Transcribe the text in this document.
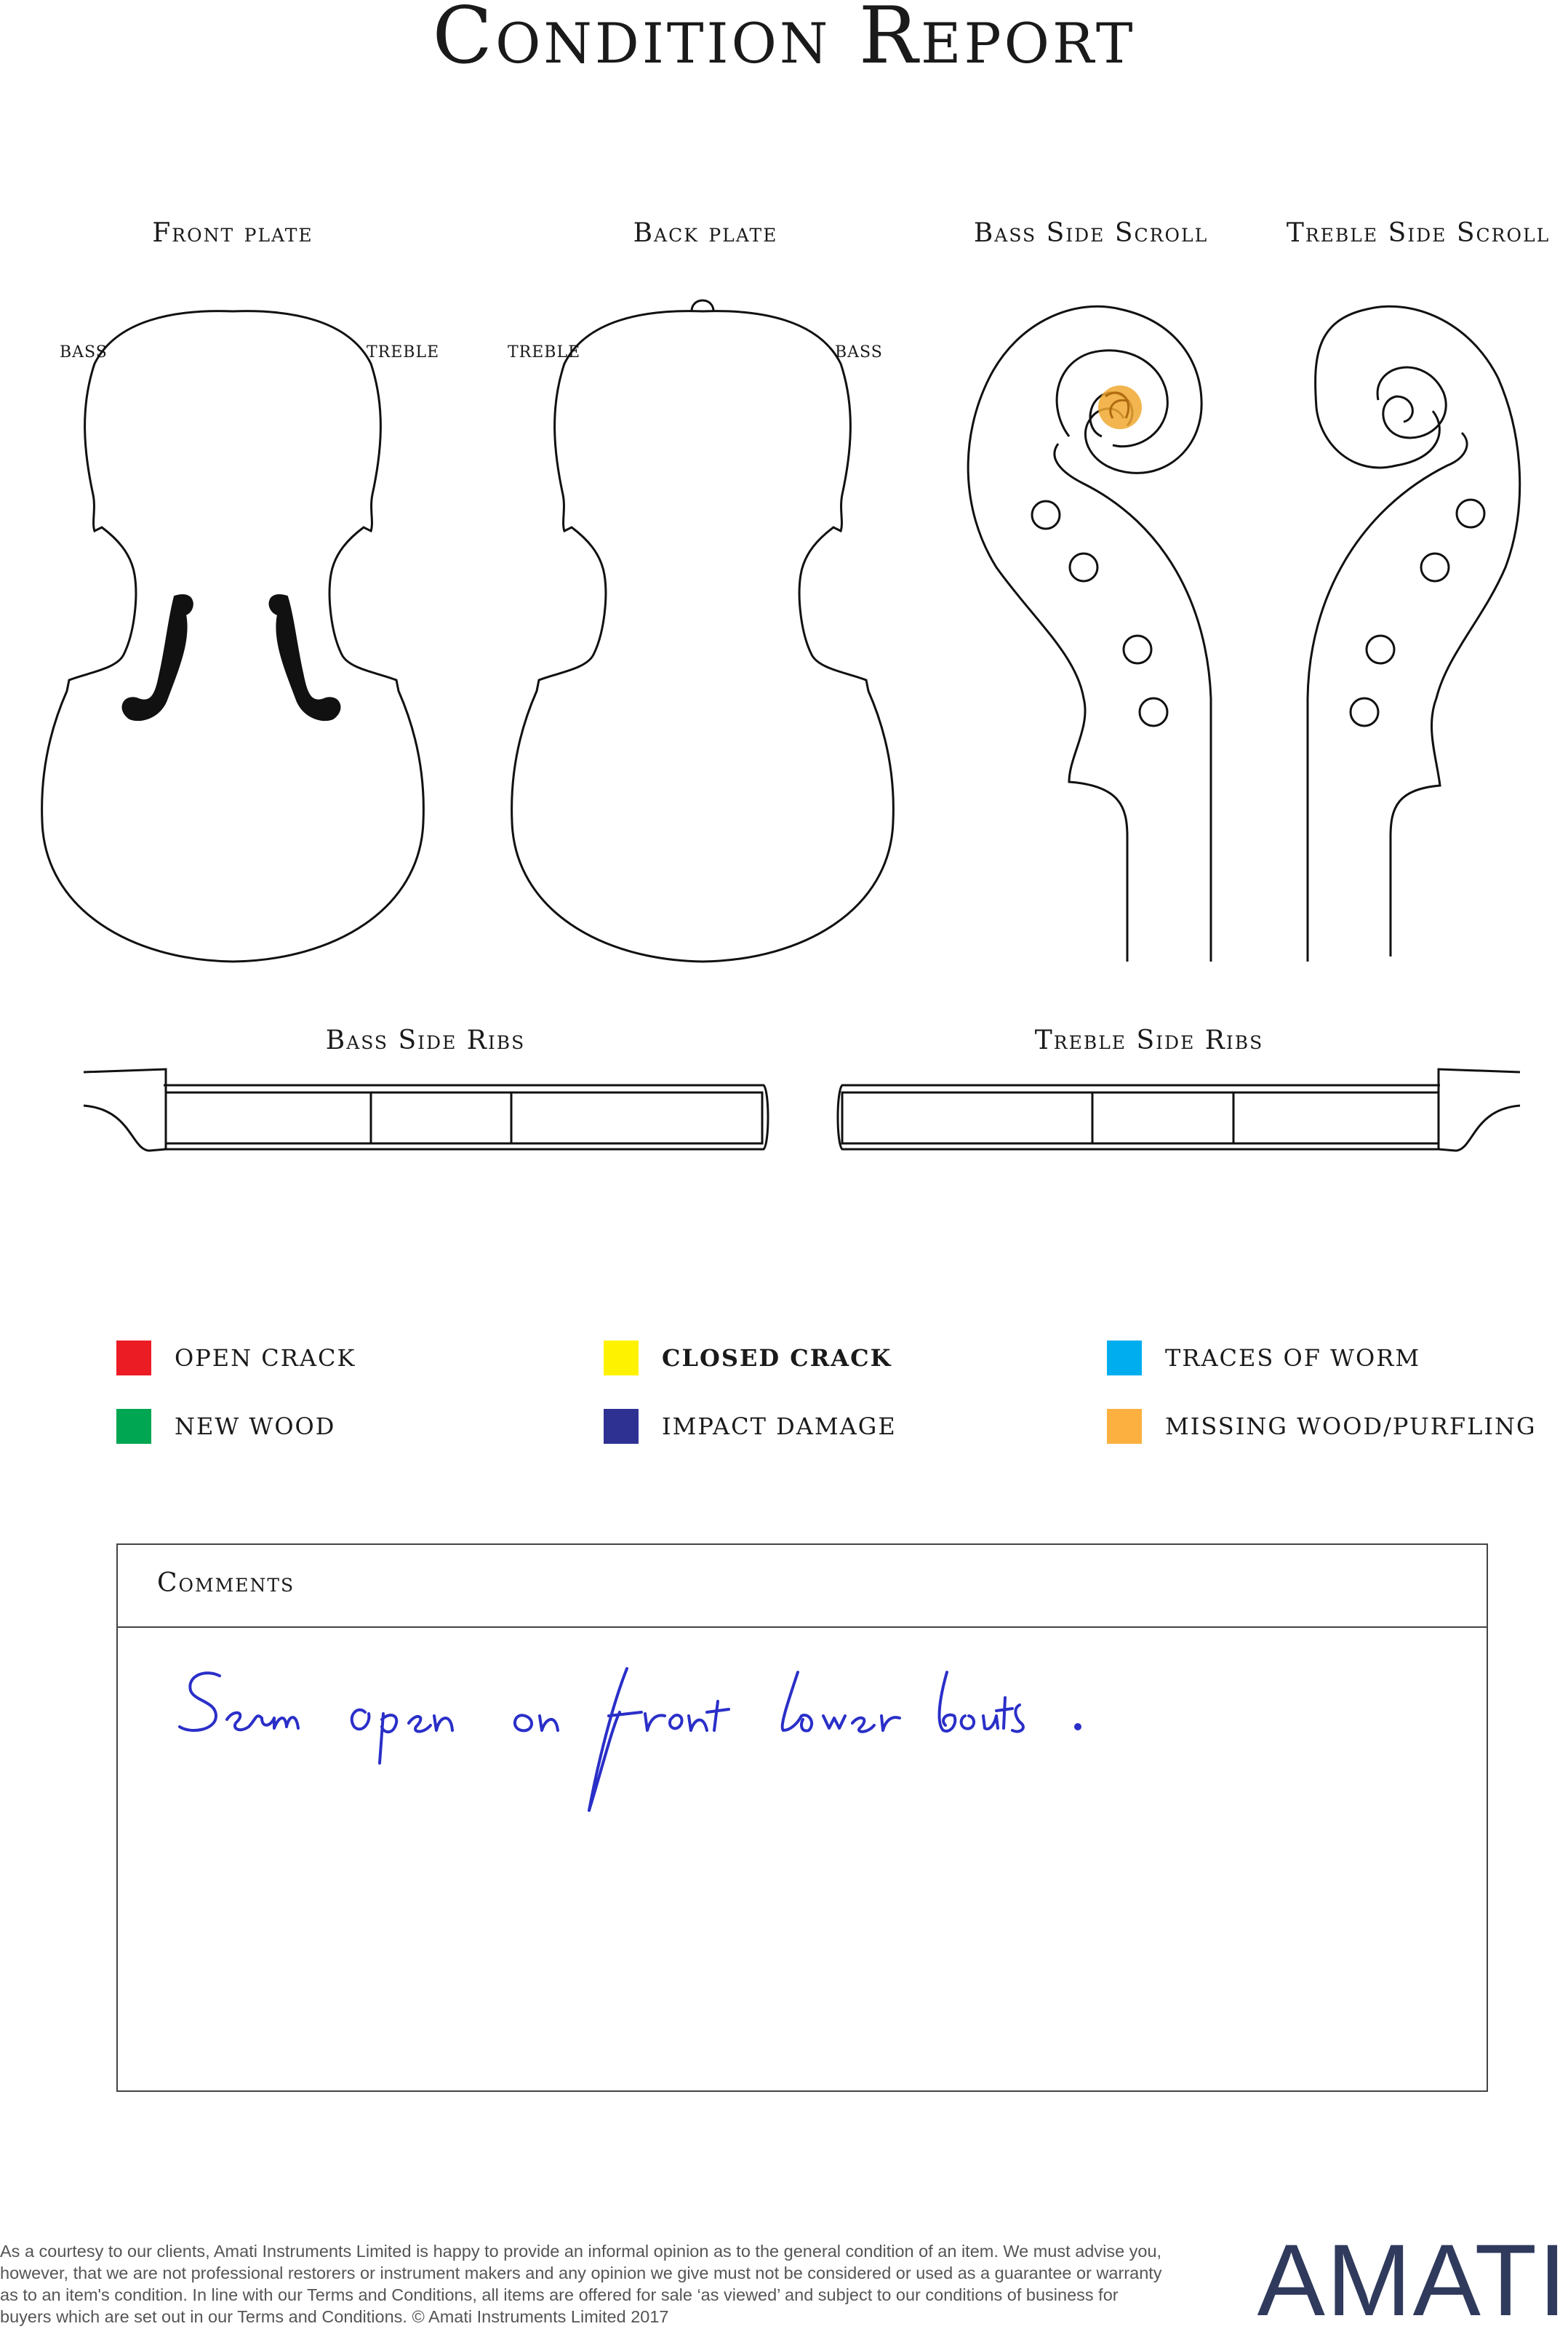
Condition Report
Front plate	Back plate	Bass Side Scroll	Treble Side Scroll
BASS	TREBLE	TREBLE	BASS
Bass Side Ribs	Treble Side Ribs
OPEN CRACK	CLOSED CRACK	TRACES OF WORM
NEW WOOD	IMPACT DAMAGE	MISSING WOOD/PURFLING
Comments
As a courtesy to our clients, Amati Instruments Limited is happy to provide an informal opinion as to the general condition of an item. We must advise you, however, that we are not professional restorers or instrument makers and any opinion we give must not be considered or used as a guarantee or warranty as to an item's condition. In line with our Terms and Conditions, all items are offered for sale ‘as viewed’ and subject to our conditions of business for buyers which are set out in our Terms and Conditions. © Amati Instruments Limited 2017	AMATI
